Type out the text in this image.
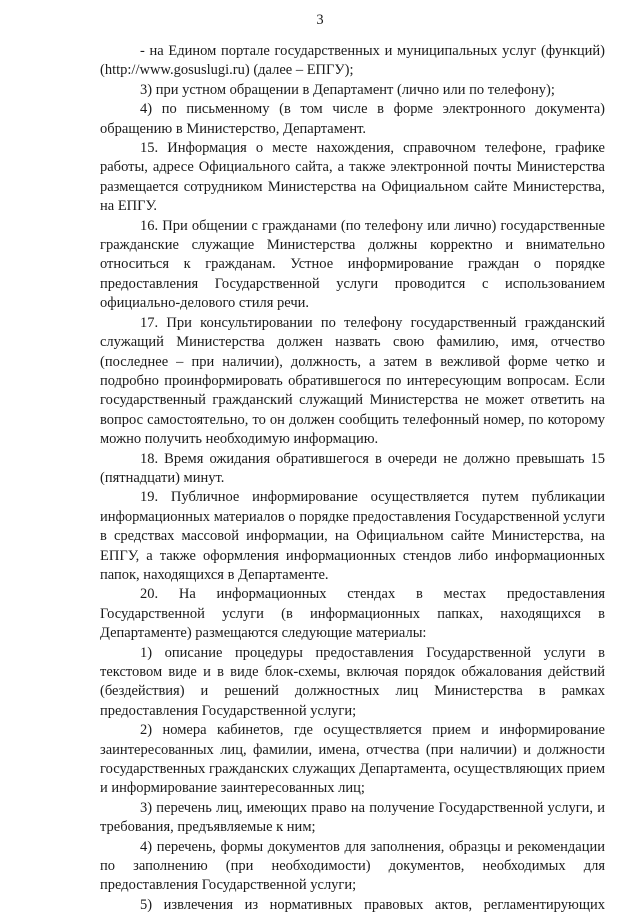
3

- на Едином портале государственных и муниципальных услуг (функций) (http://www.gosuslugi.ru) (далее – ЕПГУ);

3) при устном обращении в Департамент (лично или по телефону);

4) по письменному (в том числе в форме электронного документа) обращению в Министерство, Департамент.

15. Информация о месте нахождения, справочном телефоне, графике работы, адресе Официального сайта, а также электронной почты Министерства размещается сотрудником Министерства на Официальном сайте Министерства, на ЕПГУ.

16. При общении с гражданами (по телефону или лично) государственные гражданские служащие Министерства должны корректно и внимательно относиться к гражданам. Устное информирование граждан о порядке предоставления Государственной услуги проводится с использованием официально-делового стиля речи.

17. При консультировании по телефону государственный гражданский служащий Министерства должен назвать свою фамилию, имя, отчество (последнее – при наличии), должность, а затем в вежливой форме четко и подробно проинформировать обратившегося по интересующим вопросам. Если государственный гражданский служащий Министерства не может ответить на вопрос самостоятельно, то он должен сообщить телефонный номер, по которому можно получить необходимую информацию.

18. Время ожидания обратившегося в очереди не должно превышать 15 (пятнадцати) минут.

19. Публичное информирование осуществляется путем публикации информационных материалов о порядке предоставления Государственной услуги в средствах массовой информации, на Официальном сайте Министерства, на ЕПГУ, а также оформления информационных стендов либо информационных папок, находящихся в Департаменте.

20. На информационных стендах в местах предоставления Государственной услуги (в информационных папках, находящихся в Департаменте) размещаются следующие материалы:

1) описание процедуры предоставления Государственной услуги в текстовом виде и в виде блок-схемы, включая порядок обжалования действий (бездействия) и решений должностных лиц Министерства в рамках предоставления Государственной услуги;

2) номера кабинетов, где осуществляется прием и информирование заинтересованных лиц, фамилии, имена, отчества (при наличии) и должности государственных гражданских служащих Департамента, осуществляющих прием и информирование заинтересованных лиц;

3) перечень лиц, имеющих право на получение Государственной услуги, и требования, предъявляемые к ним;

4) перечень, формы документов для заполнения, образцы и рекомендации по заполнению (при необходимости) документов, необходимых для предоставления Государственной услуги;

5) извлечения из нормативных правовых актов, регламентирующих
